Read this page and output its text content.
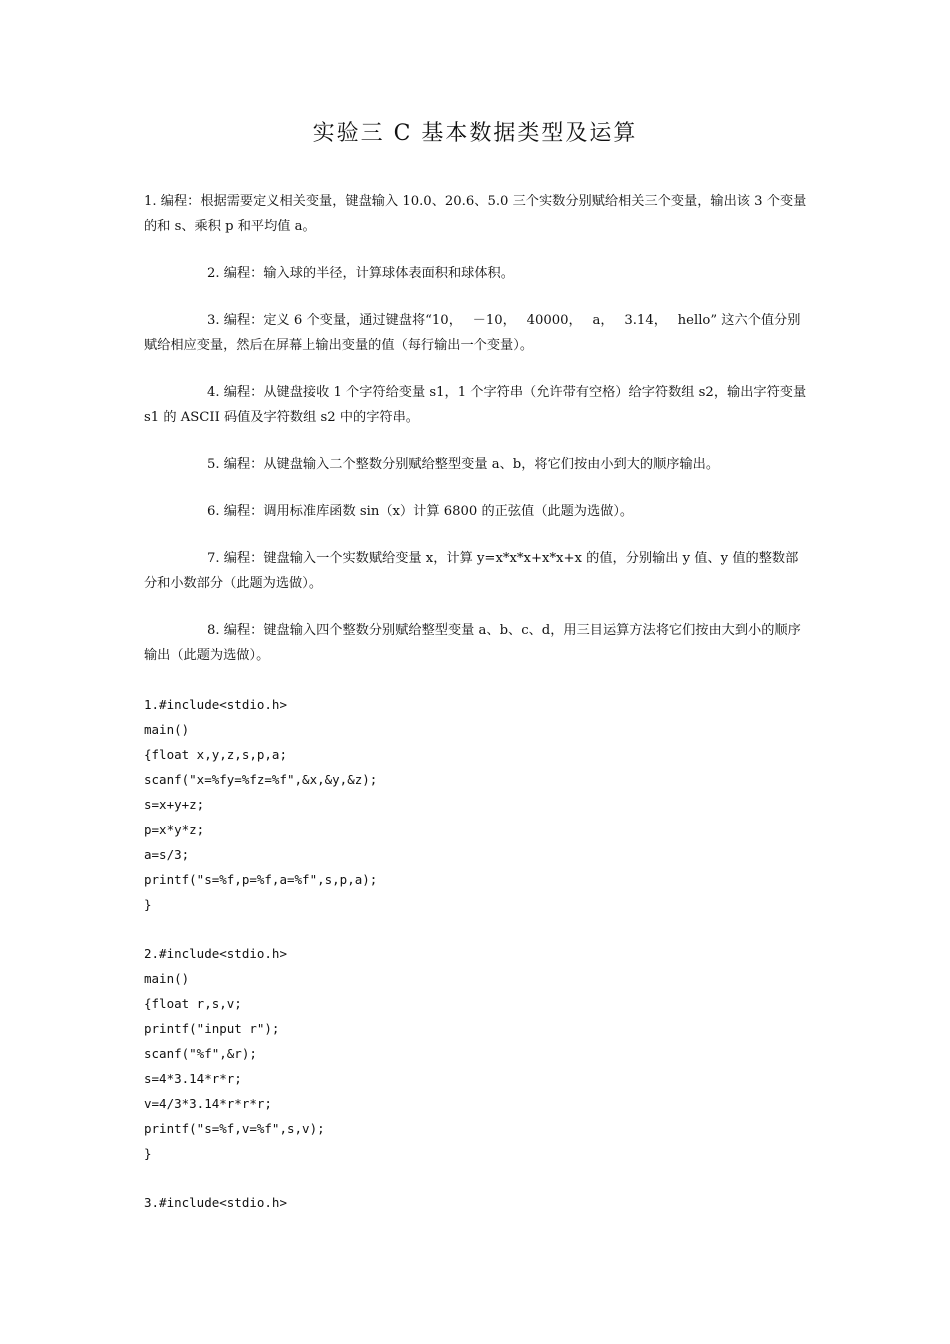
实验三 C 基本数据类型及运算

1. 编程：根据需要定义相关变量，键盘输入 10.0、20.6、5.0 三个实数分别赋给相关三个变量，输出该 3 个变量的和 s、乘积 p 和平均值 a。

2. 编程：输入球的半径，计算球体表面积和球体积。

3. 编程：定义 6 个变量，通过键盘将“10，　 －10，　 40000，　 a，　 3.14，　 hello” 这六个值分别赋给相应变量，然后在屏幕上输出变量的值（每行输出一个变量）。

4. 编程：从键盘接收 1 个字符给变量 s1，1 个字符串（允许带有空格）给字符数组 s2，输出字符变量 s1 的 ASCII 码值及字符数组 s2 中的字符串。

5. 编程：从键盘输入二个整数分别赋给整型变量 a、b，将它们按由小到大的顺序输出。

6. 编程：调用标准库函数 sin（x）计算 6800 的正弦值（此题为选做）。

7. 编程：键盘输入一个实数赋给变量 x，计算 y=x*x*x+x*x+x 的值，分别输出 y 值、y 值的整数部分和小数部分（此题为选做）。

8. 编程：键盘输入四个整数分别赋给整型变量 a、b、c、d，用三目运算方法将它们按由大到小的顺序输出（此题为选做）。

1.#include<stdio.h>
main()
{float x,y,z,s,p,a;
scanf("x=%fy=%fz=%f",&x,&y,&z);
s=x+y+z;
p=x*y*z;
a=s/3;
printf("s=%f,p=%f,a=%f",s,p,a);
}
2.#include<stdio.h>
main()
{float r,s,v;
printf("input r");
scanf("%f",&r);
s=4*3.14*r*r;
v=4/3*3.14*r*r*r;
printf("s=%f,v=%f",s,v);
}
3.#include<stdio.h>
